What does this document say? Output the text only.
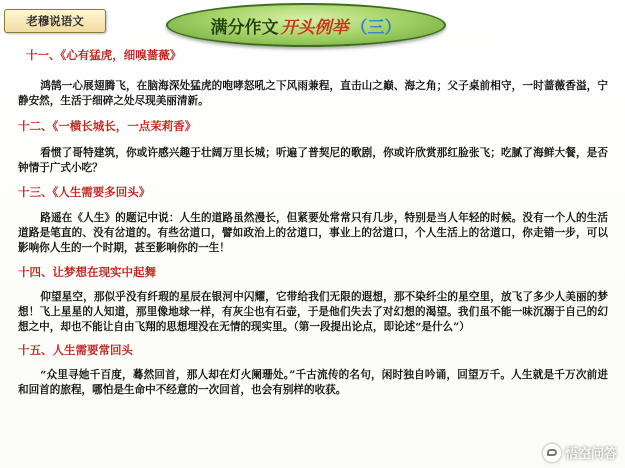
老穆说语文	满分作文 开头例举 （三）

十一、《心有猛虎，细嗅蔷薇》

鸿鹄一心展翅腾飞，在脑海深处猛虎的咆哮怒吼之下风雨兼程，直击山之巅、海之角；父子桌前相守，一时蔷薇香溢，宁静安然，生活于细碎之处尽现美丽清新。

十二、《一横长城长，一点茉莉香》

看惯了哥特建筑，你或许感兴趣于壮阔万里长城；听遍了普契尼的歌剧，你或许欣赏那红脸张飞；吃腻了海鲜大餐，是否钟情于广式小吃？

十三、《人生需要多回头》

路遥在《人生》的题记中说：人生的道路虽然漫长，但紧要处常常只有几步，特别是当人年轻的时候。没有一个人的生活道路是笔直的、没有岔道的。有些岔道口，譬如政治上的岔道口，事业上的岔道口，个人生活上的岔道口，你走错一步，可以影响你人生的一个时期，甚至影响你的一生！

十四、让梦想在现实中起舞

仰望星空，那似乎没有纤瑕的星辰在银河中闪耀，它带给我们无限的遐想，那不染纤尘的星空里，放飞了多少人美丽的梦想！飞上星星的人知道，那里像地球一样，有灰尘也有石壶，于是他们失去了对幻想的渴望。我们虽不能一味沉溺于自己的幻想之中，却也不能让自由飞翔的思想埋没在无情的现实里。（第一段提出论点，即论述“是什么”）

十五、人生需要常回头

“众里寻她千百度，蓦然回首，那人却在灯火阑珊处。”千古流传的名句，闲时独自吟诵，回望万千。人生就是千万次前进和回首的旅程，哪怕是生命中不经意的一次回首，也会有别样的收获。

悟空问答
